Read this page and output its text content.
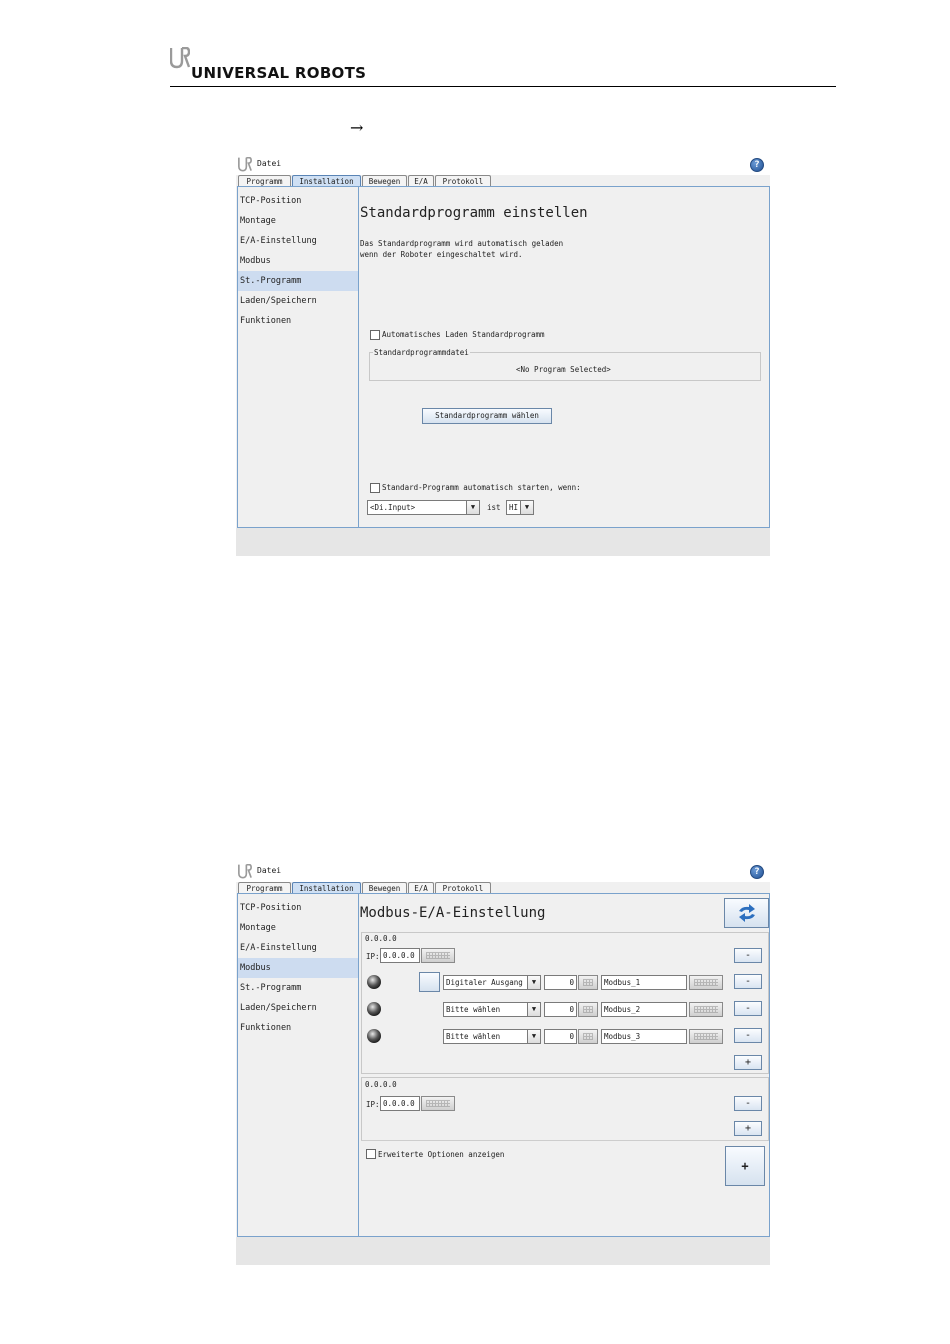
UNIVERSAL ROBOTS
→
Datei	?
Programm	Installation	Bewegen	E/A	Protokoll
TCP-Position
Montage
E/A-Einstellung
Modbus
St.-Programm
Laden/Speichern
Funktionen
Standardprogramm einstellen
Das Standardprogramm wird automatisch geladen
wenn der Roboter eingeschaltet wird.
Automatisches Laden Standardprogramm
Standardprogrammdatei
<No Program Selected>
Standardprogramm wählen
Standard-Programm automatisch starten, wenn:
<Di.Input>	▼	ist	HI ▼
Datei	?
Programm	Installation	Bewegen	E/A	Protokoll
TCP-Position
Montage
E/A-Einstellung
Modbus
St.-Programm
Laden/Speichern
Funktionen
Modbus-E/A-Einstellung
0.0.0.0
IP: 0.0.0.0	-
Digitaler Ausgang	▼	0	Modbus_1	-
Bitte wählen	▼	0	Modbus_2	-
Bitte wählen	▼	0	Modbus_3	-
+
0.0.0.0
IP: 0.0.0.0	-
+
Erweiterte Optionen anzeigen
+
